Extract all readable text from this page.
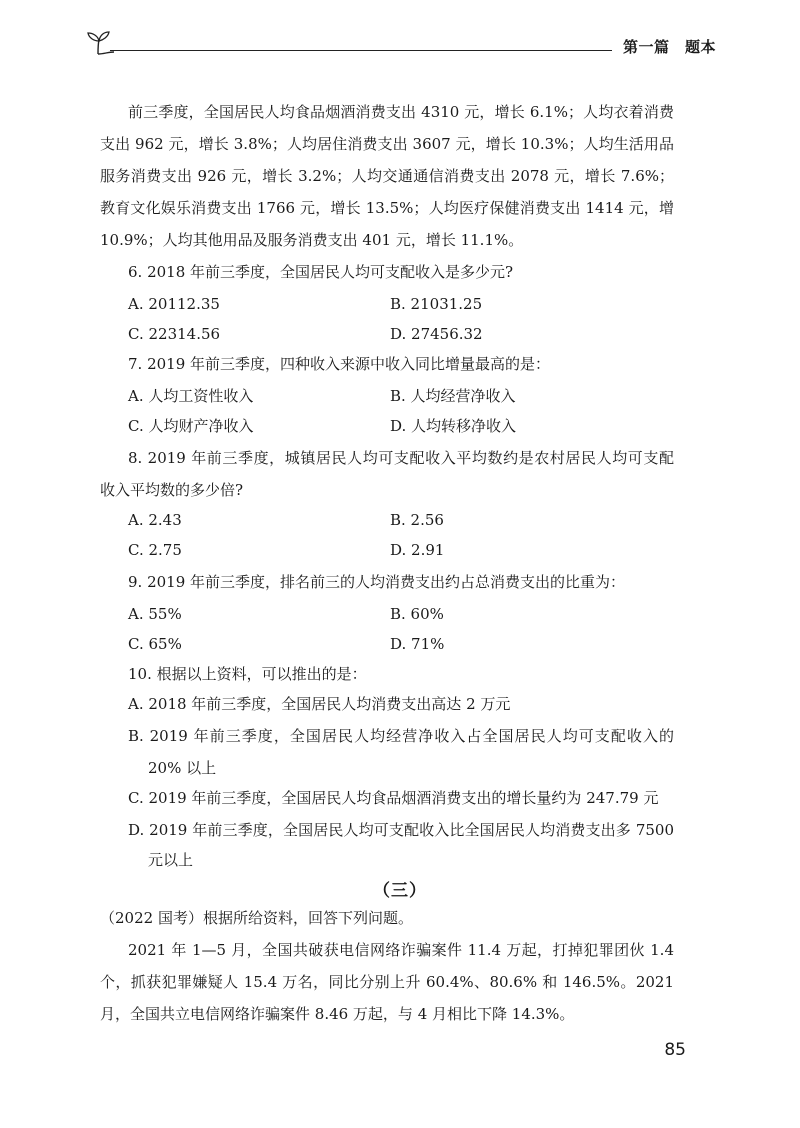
第一篇　题本
前三季度，全国居民人均食品烟酒消费支出 4310 元，增长 6.1%；人均衣着消费
支出 962 元，增长 3.8%；人均居住消费支出 3607 元，增长 10.3%；人均生活用品
服务消费支出 926 元，增长 3.2%；人均交通通信消费支出 2078 元，增长 7.6%；
教育文化娱乐消费支出 1766 元，增长 13.5%；人均医疗保健消费支出 1414 元，增
10.9%；人均其他用品及服务消费支出 401 元，增长 11.1%。
6. 2018 年前三季度，全国居民人均可支配收入是多少元?
A. 20112.35	B. 21031.25
C. 22314.56	D. 27456.32
7. 2019 年前三季度，四种收入来源中收入同比增量最高的是：
A. 人均工资性收入	B. 人均经营净收入
C. 人均财产净收入	D. 人均转移净收入
8. 2019 年前三季度，城镇居民人均可支配收入平均数约是农村居民人均可支配
收入平均数的多少倍?
A. 2.43	B. 2.56
C. 2.75	D. 2.91
9. 2019 年前三季度，排名前三的人均消费支出约占总消费支出的比重为：
A. 55%	B. 60%
C. 65%	D. 71%
10. 根据以上资料，可以推出的是：
A. 2018 年前三季度，全国居民人均消费支出高达 2 万元
B. 2019 年前三季度，全国居民人均经营净收入占全国居民人均可支配收入的
20% 以上
C. 2019 年前三季度，全国居民人均食品烟酒消费支出的增长量约为 247.79 元
D. 2019 年前三季度，全国居民人均可支配收入比全国居民人均消费支出多 7500
元以上
（三）
（2022 国考）根据所给资料，回答下列问题。
2021 年 1—5 月，全国共破获电信网络诈骗案件 11.4 万起，打掉犯罪团伙 1.4
个，抓获犯罪嫌疑人 15.4 万名，同比分别上升 60.4%、80.6% 和 146.5%。2021
月，全国共立电信网络诈骗案件 8.46 万起，与 4 月相比下降 14.3%。
85
